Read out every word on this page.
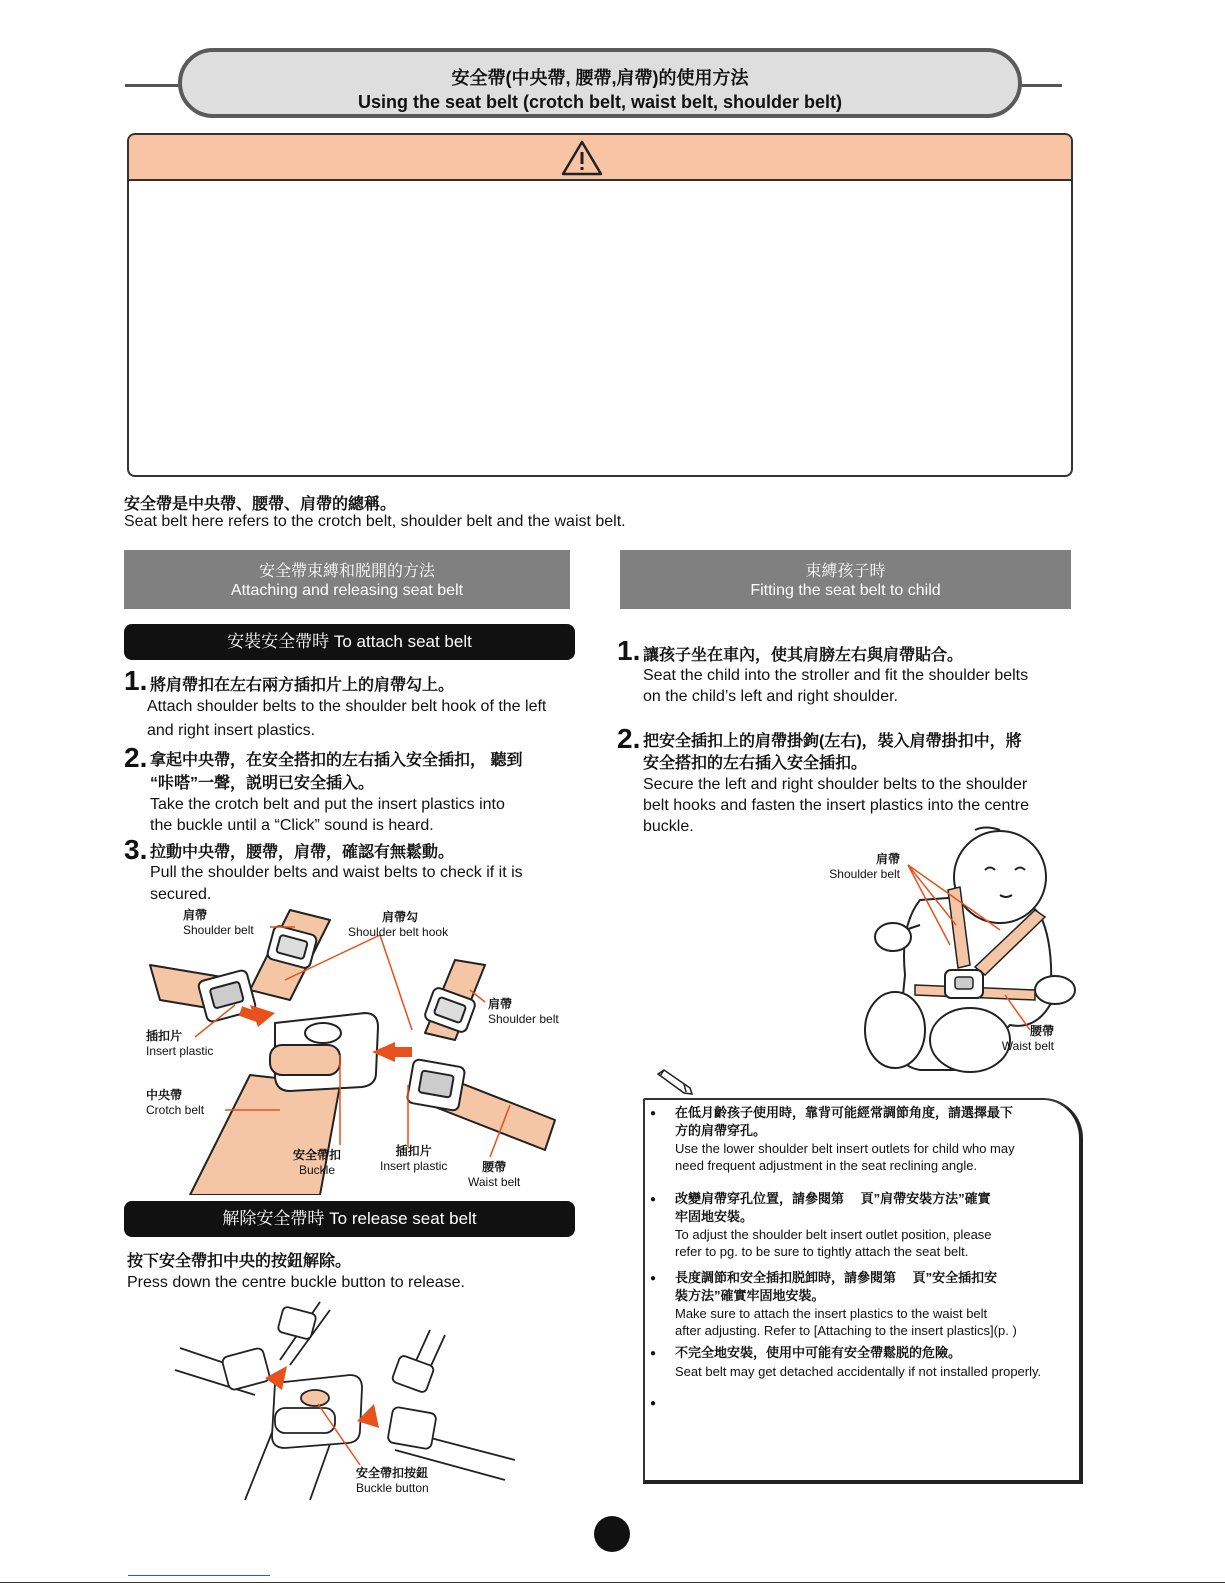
安全帶(中央帶, 腰帶,肩帶)的使用方法
Using the seat belt (crotch belt, waist belt, shoulder belt)
安全帶是中央帶、腰帶、肩帶的總稱。
Seat belt here refers to the crotch belt, shoulder belt and the waist belt.
安全帶束縛和脱開的方法
Attaching and releasing seat belt
束縛孩子時
Fitting the seat belt to child
安裝安全帶時 To attach seat belt
1. 將肩帶扣在左右兩方插扣片上的肩帶勾上。
Attach shoulder belts to the shoulder belt hook of the left
and right insert plastics.
2. 拿起中央帶，在安全搭扣的左右插入安全插扣， 聽到
“咔嗒”一聲，説明已安全插入。
Take the crotch belt and put the insert plastics into
the buckle until a “Click” sound is heard.
3. 拉動中央帶，腰帶，肩帶，確認有無鬆動。
Pull the shoulder belts and waist belts to check if it is
secured.
肩帶
Shoulder belt
肩帶勾
Shoulder belt hook
肩帶
Shoulder belt
插扣片
Insert plastic
中央帶
Crotch belt
安全帶扣
Buckle
插扣片
Insert plastic	腰帶
Waist belt
解除安全帶時 To release seat belt
按下安全帶扣中央的按鈕解除。
Press down the centre buckle button to release.
安全帶扣按鈕
Buckle button
1. 讓孩子坐在車內，使其肩膀左右與肩帶貼合。
Seat the child into the stroller and fit the shoulder belts
on the child’s left and right shoulder.
2. 把安全插扣上的肩帶掛鉤(左右)，裝入肩帶掛扣中，將
安全搭扣的左右插入安全插扣。
Secure the left and right shoulder belts to the shoulder
belt hooks and fasten the insert plastics into the centre
buckle.
肩帶
Shoulder belt
腰帶
Waist belt
● 在低月齡孩子使用時，靠背可能經常調節角度，請選擇最下
方的肩帶穿孔。
Use the lower shoulder belt insert outlets for child who may
need frequent adjustment in the seat reclining angle.
● 改變肩帶穿孔位置，請參閱第　 頁”肩帶安裝方法”確實
牢固地安裝。
To adjust the shoulder belt insert outlet position, please
refer to pg. to be sure to tightly attach the seat belt.
● 長度調節和安全插扣脱卸時，請參閱第　 頁”安全插扣安
裝方法”確實牢固地安裝。
Make sure to attach the insert plastics to the waist belt
after adjusting. Refer to [Attaching to the insert plastics](p. )
● 不完全地安裝，使用中可能有安全帶鬆脱的危險。
Seat belt may get detached accidentally if not installed properly.
●
